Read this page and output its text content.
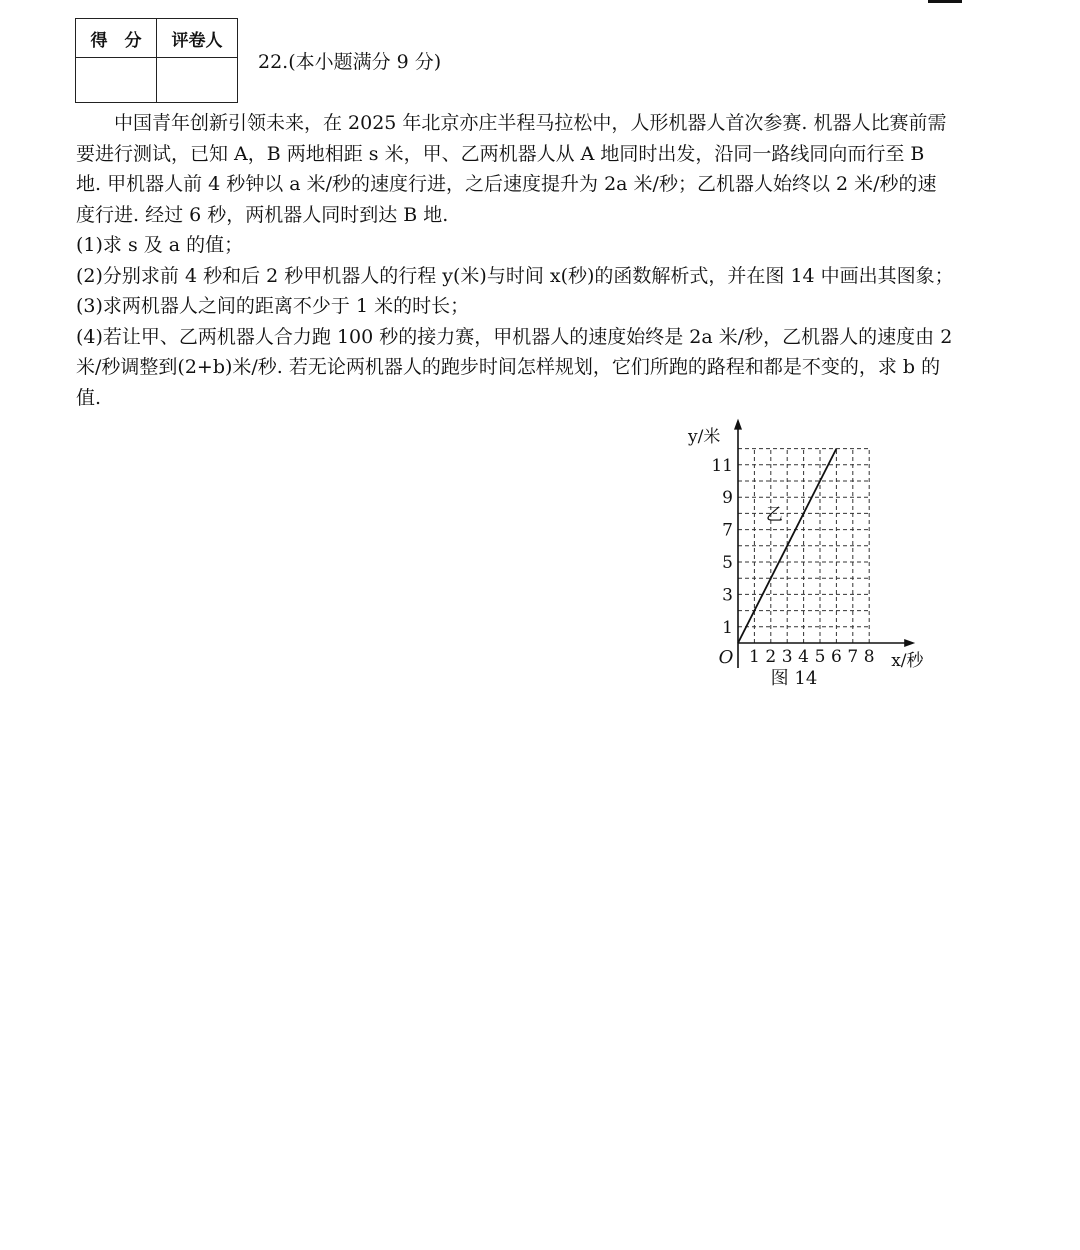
得　分	评卷人

22.(本小题满分 9 分)

中国青年创新引领未来，在 2025 年北京亦庄半程马拉松中，人形机器人首次参赛. 机器人比赛前需要进行测试，已知 A，B 两地相距 s 米，甲、乙两机器人从 A 地同时出发，沿同一路线同向而行至 B 地. 甲机器人前 4 秒钟以 a 米/秒的速度行进，之后速度提升为 2a 米/秒；乙机器人始终以 2 米/秒的速度行进. 经过 6 秒，两机器人同时到达 B 地.

(1)求 s 及 a 的值；

(2)分别求前 4 秒和后 2 秒甲机器人的行程 y(米)与时间 x(秒)的函数解析式，并在图 14 中画出其图象；

(3)求两机器人之间的距离不少于 1 米的时长；

(4)若让甲、乙两机器人合力跑 100 秒的接力赛，甲机器人的速度始终是 2a 米/秒，乙机器人的速度由 2 米/秒调整到(2+b)米/秒. 若无论两机器人的跑步时间怎样规划，它们所跑的路程和都是不变的，求 b 的值.

1 2 3 4 5 6 7 8
1
3
5
7
9
11
O
y/米
x/秒
乙
图 14
